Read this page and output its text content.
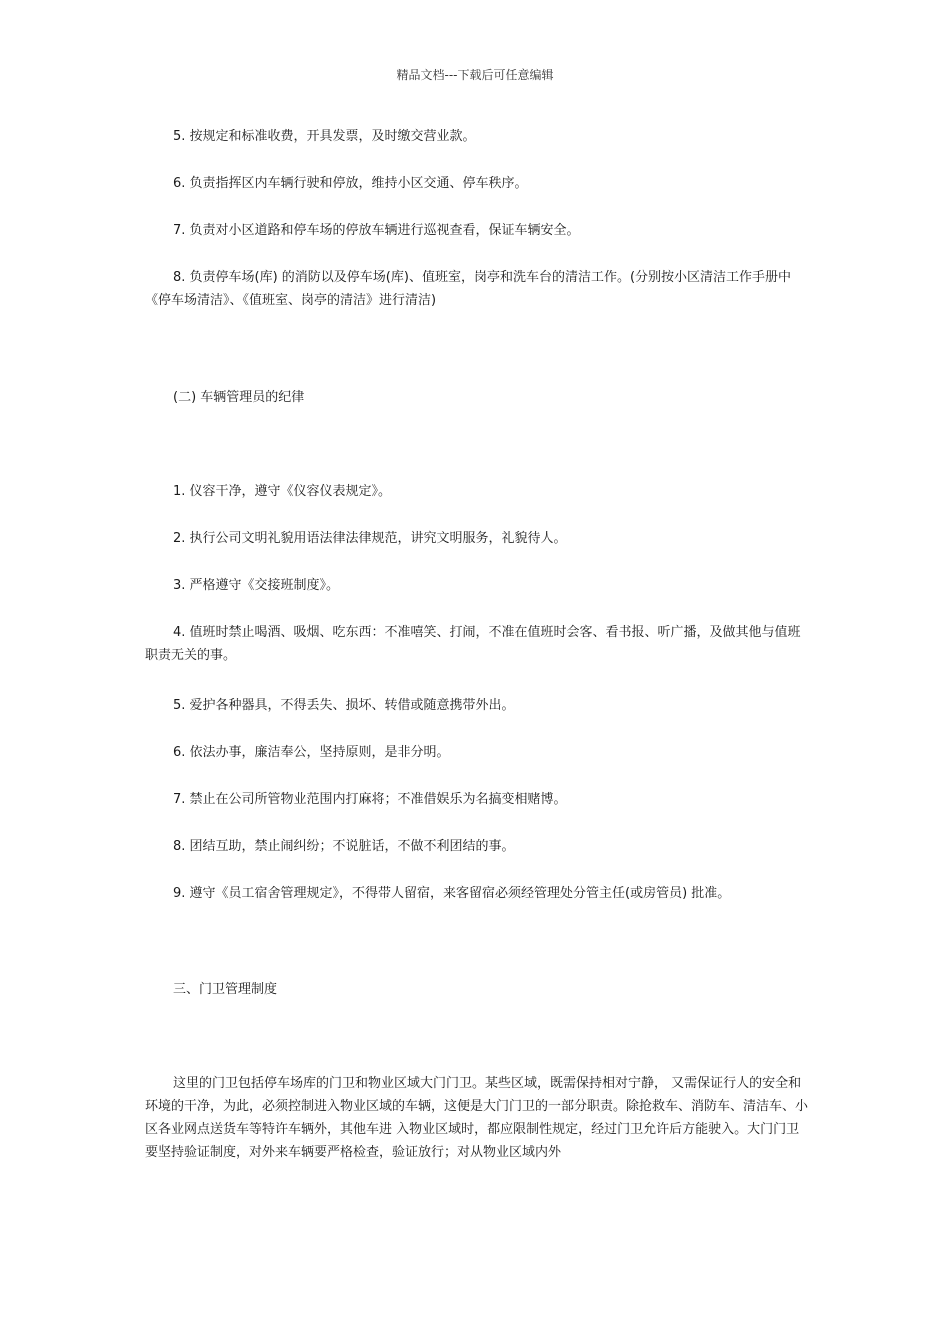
精品文档---下载后可任意编辑

5. 按规定和标准收费，开具发票，及时缴交营业款。

6. 负责指挥区内车辆行驶和停放，维持小区交通、停车秩序。

7. 负责对小区道路和停车场的停放车辆进行巡视查看，保证车辆安全。

8. 负责停车场(库) 的消防以及停车场(库)、值班室，岗亭和洗车台的清洁工作。(分别按小区清洁工作手册中《停车场清洁》、《值班室、岗亭的清洁》进行清洁)

(二) 车辆管理员的纪律

1. 仪容干净，遵守《仪容仪表规定》。

2. 执行公司文明礼貌用语法律法律规范，讲究文明服务，礼貌待人。

3. 严格遵守《交接班制度》。

4. 值班时禁止喝酒、吸烟、吃东西：不准嘻笑、打闹，不准在值班时会客、看书报、听广播，及做其他与值班职责无关的事。

5. 爱护各种器具，不得丢失、损坏、转借或随意携带外出。

6. 依法办事，廉洁奉公，坚持原则，是非分明。

7. 禁止在公司所管物业范围内打麻将；不准借娱乐为名搞变相赌博。

8. 团结互助，禁止闹纠纷；不说脏话，不做不利团结的事。

9. 遵守《员工宿舍管理规定》，不得带人留宿，来客留宿必须经管理处分管主任(或房管员) 批准。

三、门卫管理制度

这里的门卫包括停车场库的门卫和物业区域大门门卫。某些区域，既需保持相对宁静， 又需保证行人的安全和环境的干净，为此，必须控制进入物业区域的车辆，这便是大门门卫的一部分职责。除抢救车、消防车、清洁车、小区各业网点送货车等特许车辆外，其他车进 入物业区域时，都应限制性规定，经过门卫允许后方能驶入。大门门卫要坚持验证制度，对外来车辆要严格检查，验证放行；对从物业区域内外
